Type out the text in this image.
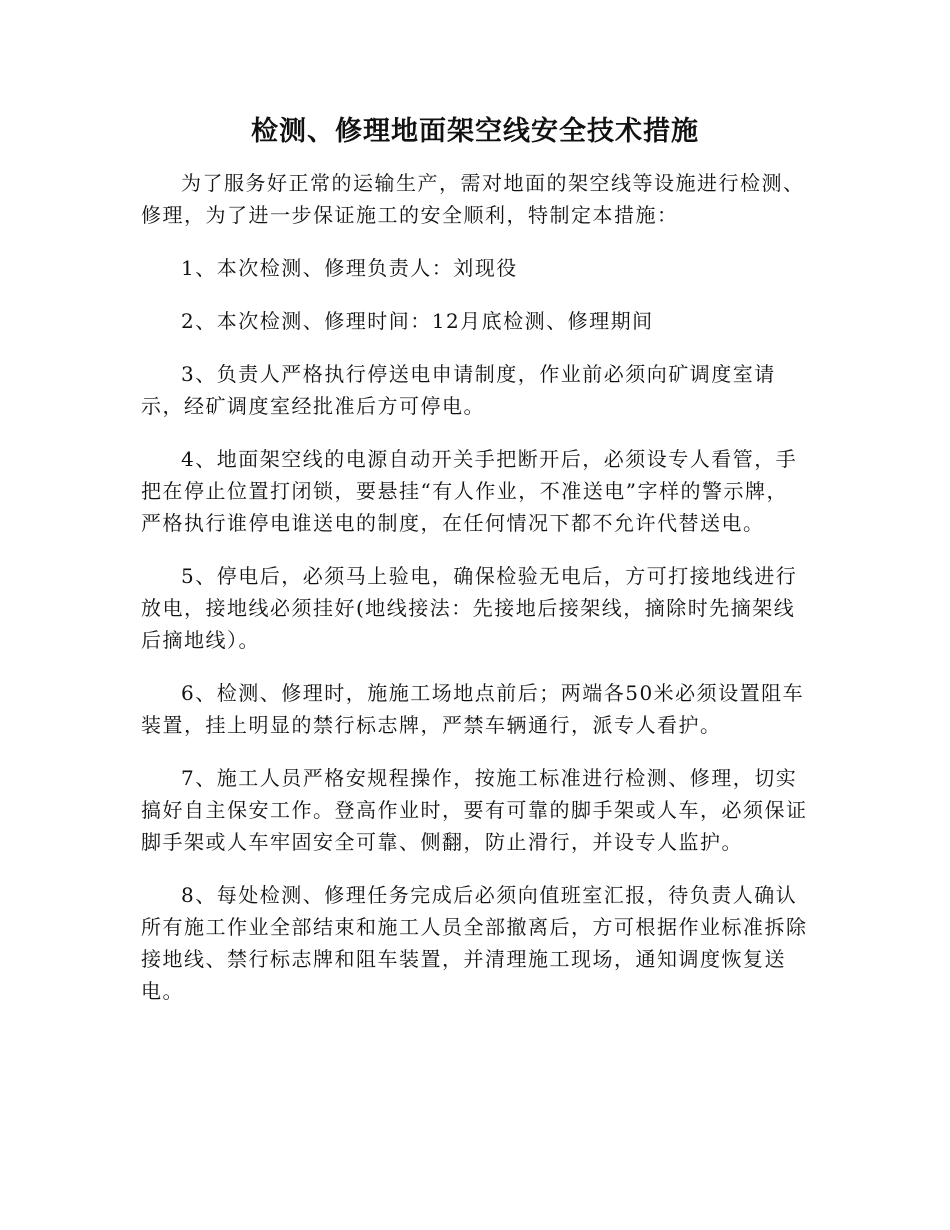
检测、修理地面架空线安全技术措施

为了服务好正常的运输生产，需对地面的架空线等设施进行检测、修理，为了进一步保证施工的安全顺利，特制定本措施：

1、本次检测、修理负责人：刘现役

2、本次检测、修理时间：12月底检测、修理期间

3、负责人严格执行停送电申请制度，作业前必须向矿调度室请示，经矿调度室经批准后方可停电。

4、地面架空线的电源自动开关手把断开后，必须设专人看管，手把在停止位置打闭锁，要悬挂“有人作业，不准送电”字样的警示牌，严格执行谁停电谁送电的制度，在任何情况下都不允许代替送电。

5、停电后，必须马上验电，确保检验无电后，方可打接地线进行放电，接地线必须挂好(地线接法：先接地后接架线，摘除时先摘架线后摘地线）。

6、检测、修理时，施施工场地点前后；两端各50米必须设置阻车装置，挂上明显的禁行标志牌，严禁车辆通行，派专人看护。

7、施工人员严格安规程操作，按施工标准进行检测、修理，切实搞好自主保安工作。登高作业时，要有可靠的脚手架或人车，必须保证脚手架或人车牢固安全可靠、侧翻，防止滑行，并设专人监护。

8、每处检测、修理任务完成后必须向值班室汇报，待负责人确认所有施工作业全部结束和施工人员全部撤离后，方可根据作业标准拆除接地线、禁行标志牌和阻车装置，并清理施工现场，通知调度恢复送电。
